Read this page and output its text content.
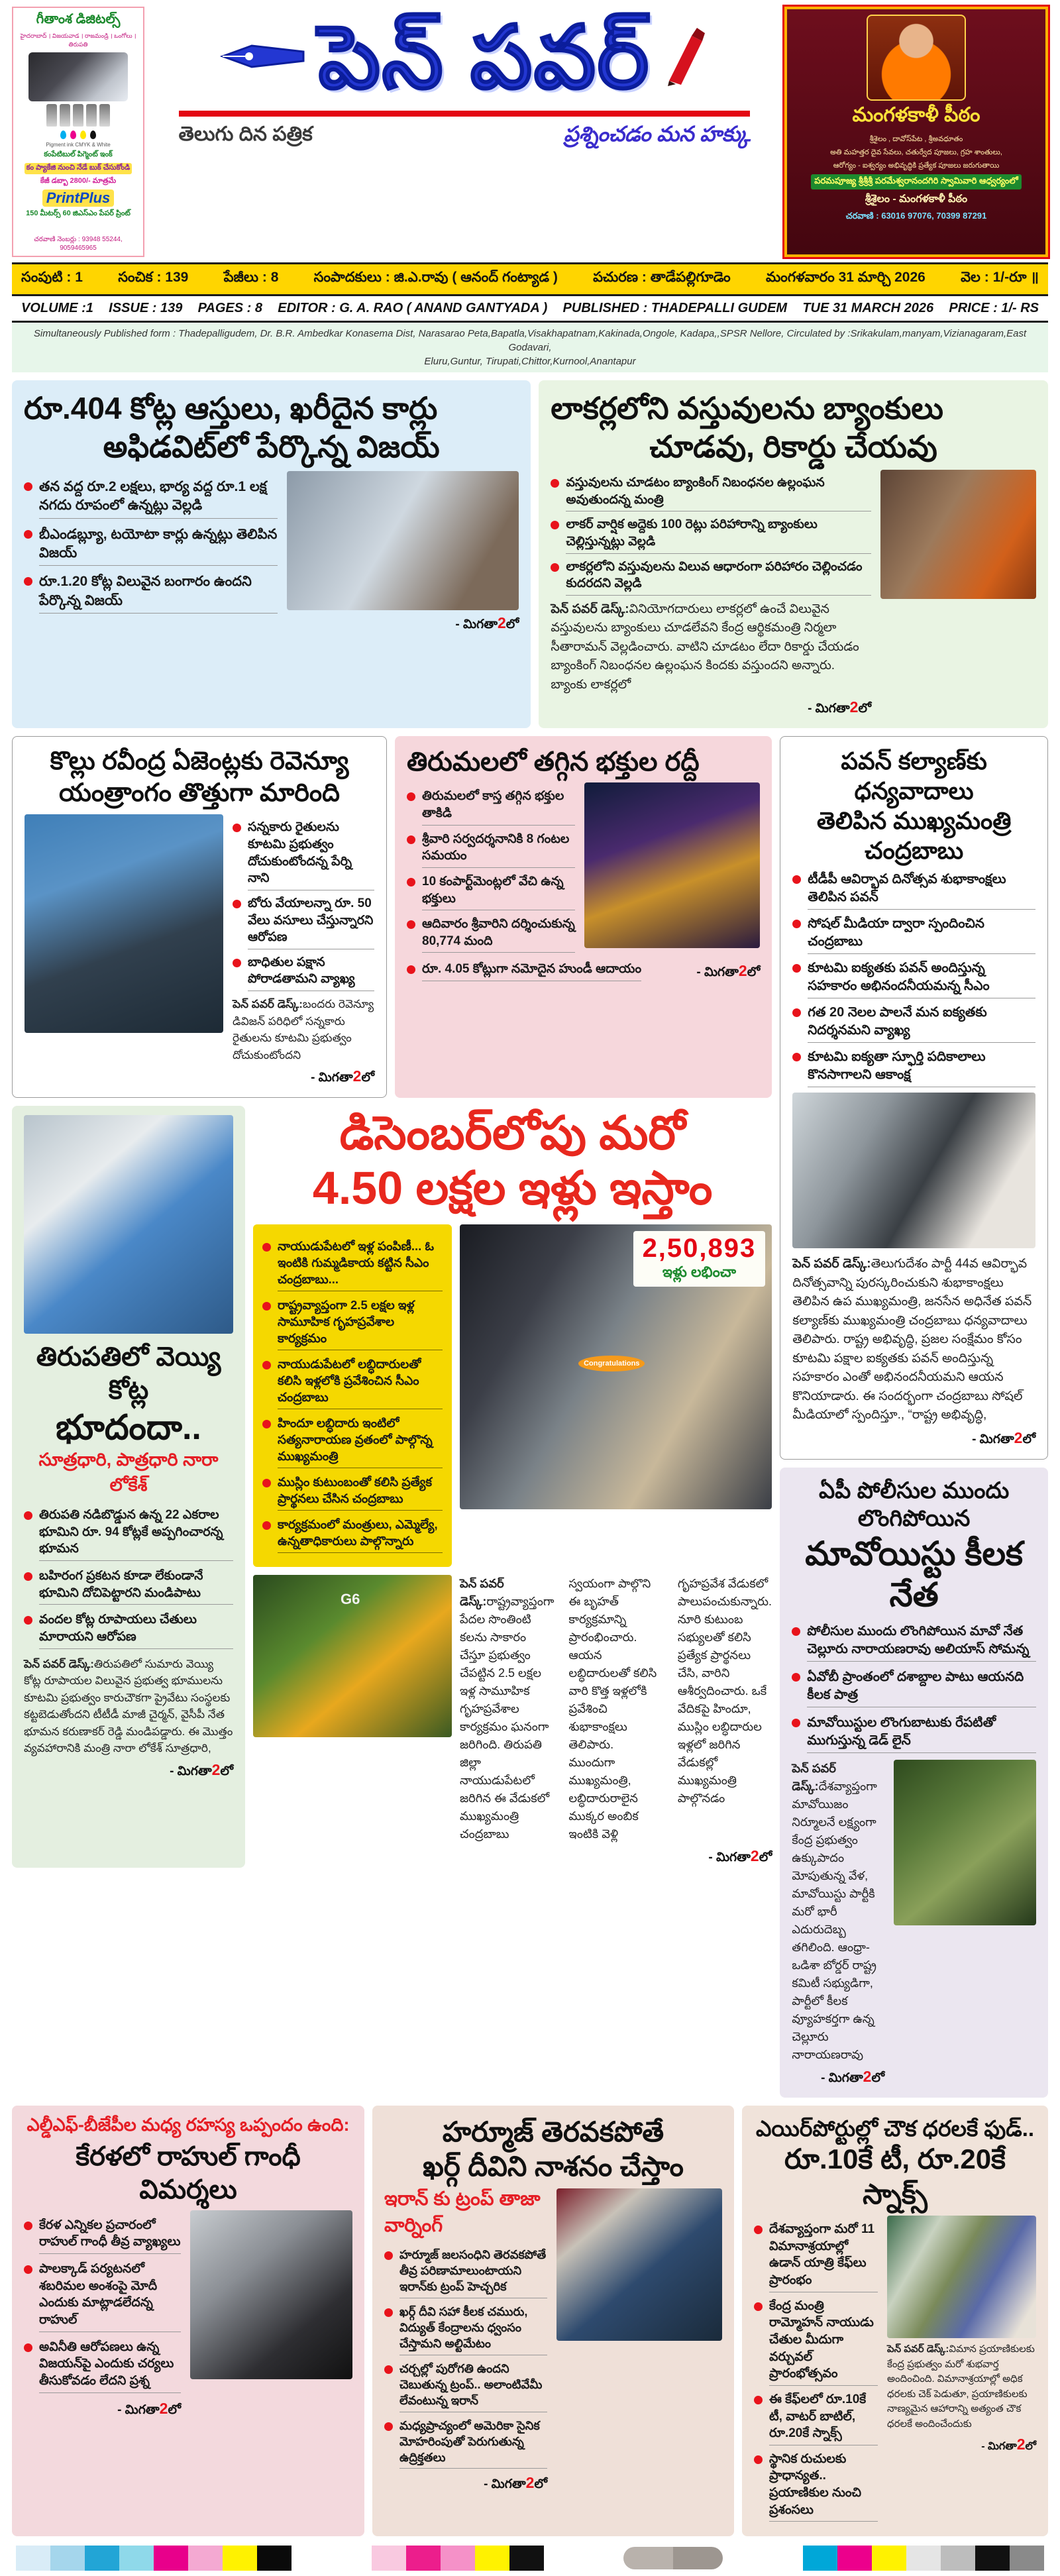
గీతాంశ డిజిటల్స్
హైదరాబాద్ । విజయవాడ । రాజమండ్రి । ఒంగోలు । తిరుపతి
Pigment ink CMYK & White
కంపేటిబుల్ పిగ్మెంట్ ఇంక్
కం ప్యాకేజి నుంచి నేడే బుక్ చేసుకోండి
కేజీ డబ్బా 2800/- మాత్రమే
PrintPlus
150 మీటర్స్ 60 జిఎస్ఎం పేపర్ ప్రింట్
చరవాణి నెంబర్లు : 93948 55244, 9059465965
పెన్ పవర్
తెలుగు దిన పత్రిక	ప్రశ్నించడం మన హక్కు
మంగళకాళీ పీఠం
శ్రీశైలం , దావోస్‌పేట , శ్రీఅవధూతం
అతి మహత్తర దైవ సేవలు, చతుర్వేద పూజలు, గ్రహ శాంతులు,
ఆరోగ్యం - ఐశ్వర్యం అభివృద్ధికి ప్రత్యేక పూజలు జరుగుతాయి
పరమపూజ్య శ్రీశ్రీశ్రీ పరమేశ్వరానందగిరి స్వామివారి ఆధ్వర్యంలో
శ్రీశైలం - మంగళకాళీ పీఠం
చరవాణి : 63016 97076, 70399 87291
సంపుటి : 1	సంచిక : 139	పేజీలు : 8	సంపాదకులు : జి.ఎ.రావు ( ఆనంద్ గంట్యాడ )	పచురణ : తాడేపల్లిగూడెం	మంగళవారం 31 మార్చి 2026	వెల : 1/-రూ ॥
VOLUME :1 ISSUE : 139 PAGES : 8 EDITOR : G. A. RAO ( ANAND GANTYADA ) PUBLISHED : THADEPALLI GUDEM TUE 31 MARCH 2026 PRICE : 1/- RS
Simultaneously Published form : Thadepalligudem, Dr. B.R. Ambedkar Konasema Dist, Narasarao Peta,Bapatla,Visakhapatnam,Kakinada,Ongole, Kadapa,,SPSR Nellore, Circulated by :Srikakulam,manyam,Vizianagaram,East Godavari,
Eluru,Guntur, Tirupati,Chittor,Kurnool,Anantapur
రూ.404 కోట్ల ఆస్తులు, ఖరీదైన కార్లు
అఫిడవిట్‌లో పేర్కొన్న విజయ్
తన వద్ద రూ.2 లక్షలు, భార్య వద్ద రూ.1 లక్ష నగదు రూపంలో ఉన్నట్లు వెల్లడి
బీఎండబ్ల్యూ, టయోటా కార్లు ఉన్నట్లు తెలిపిన విజయ్
రూ.1.20 కోట్ల విలువైన బంగారం ఉందని పేర్కొన్న విజయ్
- మిగతా2లో
లాకర్లలోని వస్తువులను బ్యాంకులు
చూడవు, రికార్డు చేయవు
వస్తువులను చూడటం బ్యాంకింగ్ నిబంధనల ఉల్లంఘన అవుతుందన్న మంత్రి
లాకర్ వార్షిక అద్దెకు 100 రెట్లు పరిహారాన్ని బ్యాంకులు చెల్లిస్తున్నట్లు వెల్లడి
లాకర్లలోని వస్తువులను విలువ ఆధారంగా పరిహారం చెల్లించడం కుదరదని వెల్లడి
పెన్ పవర్ డెస్క్:వినియోగదారులు లాకర్లలో ఉంచే విలువైన వస్తువులను బ్యాంకులు చూడలేవని కేంద్ర ఆర్థికమంత్రి నిర్మలా సీతారామన్ వెల్లడించారు. వాటిని చూడటం లేదా రికార్డు చేయడం బ్యాంకింగ్ నిబంధనల ఉల్లంఘన కిందకు వస్తుందని అన్నారు. బ్యాంకు లాకర్లలో
- మిగతా2లో
కొల్లు రవీంద్ర ఏజెంట్లకు రెవెన్యూ
యంత్రాంగం తొత్తుగా మారింది
సన్నకారు రైతులను కూటమి ప్రభుత్వం దోచుకుంటోందన్న పేర్ని నాని
బోరు వేయాలన్నా రూ. 50 వేలు వసూలు చేస్తున్నారని ఆరోపణ
బాధితుల పక్షాన పోరాడతామని వ్యాఖ్య
పెన్ పవర్ డెస్క్:బందరు రెవెన్యూ డివిజన్ పరిధిలో సన్నకారు రైతులను కూటమి ప్రభుత్వం దోచుకుంటోందని
- మిగతా2లో
తిరుమలలో తగ్గిన భక్తుల రద్దీ
తిరుమలలో కాస్త తగ్గిన భక్తుల తాకిడి
శ్రీవారి సర్వదర్శనానికి 8 గంటల సమయం
10 కంపార్ట్‌మెంట్లలో వేచి ఉన్న భక్తులు
ఆదివారం శ్రీవారిని దర్శించుకున్న 80,774 మంది
రూ. 4.05 కోట్లుగా నమోదైన హుండీ ఆదాయం	- మిగతా2లో
తిరుపతిలో వెయ్యి కోట్ల
భూదందా..
సూత్రధారి, పాత్రధారి నారా లోకేశ్
తిరుపతి నడిబొడ్డున ఉన్న 22 ఎకరాల భూమిని రూ. 94 కోట్లకే అప్పగించారన్న భూమన
బహిరంగ ప్రకటన కూడా లేకుండానే భూమిని దోచిపెట్టారని మండిపాటు
వందల కోట్ల రూపాయలు చేతులు మారాయని ఆరోపణ
పెన్ పవర్ డెస్క్:తిరుపతిలో సుమారు వెయ్యి కోట్ల రూపాయల విలువైన ప్రభుత్వ భూములను కూటమి ప్రభుత్వం కారుచౌకగా ప్రైవేటు సంస్థలకు కట్టబెడుతోందని టీటీడీ మాజీ చైర్మన్, వైసీపీ నేత భూమన కరుణాకర్ రెడ్డి మండిపడ్డారు. ఈ మొత్తం వ్యవహారానికి మంత్రి నారా లోకేశ్ సూత్రధారి,
- మిగతా2లో
డిసెంబర్‌లోపు మరో
4.50 లక్షల ఇళ్లు ఇస్తాం
నాయుడుపేటలో ఇళ్ల పంపిణీ... ఓ ఇంటికి గుమ్మడికాయ కట్టిన సీఎం చంద్రబాబు...
రాష్ట్రవ్యాప్తంగా 2.5 లక్షల ఇళ్ల సామూహిక గృహప్రవేశాల కార్యక్రమం
నాయుడుపేటలో లబ్ధిదారులతో కలిసి ఇళ్లలోకి ప్రవేశించిన సీఎం చంద్రబాబు
హిందూ లబ్ధిదారు ఇంటిలో సత్యనారాయణ వ్రతంలో పాల్గొన్న ముఖ్యమంత్రి
ముస్లిం కుటుంబంతో కలిసి ప్రత్యేక ప్రార్థనలు చేసిన చంద్రబాబు
కార్యక్రమంలో మంత్రులు, ఎమ్మెల్యే, ఉన్నతాధికారులు పాల్గొన్నారు
2,50,893
ఇళ్లు లభించా
Congratulations
G6
పెన్ పవర్ డెస్క్:రాష్ట్రవ్యాప్తంగా పేదల సొంతింటి కలను సాకారం చేస్తూ ప్రభుత్వం చేపట్టిన 2.5 లక్షల ఇళ్ల సామూహిక గృహప్రవేశాల కార్యక్రమం ఘనంగా జరిగింది. తిరుపతి జిల్లా నాయుడుపేటలో జరిగిన ఈ వేడుకలో ముఖ్యమంత్రి చంద్రబాబు స్వయంగా పాల్గొని ఈ బృహత్ కార్యక్రమాన్ని ప్రారంభించారు. ఆయన లబ్ధిదారులతో కలిసి వారి కొత్త ఇళ్లలోకి ప్రవేశించి శుభాకాంక్షలు తెలిపారు. ముందుగా ముఖ్యమంత్రి, లబ్ధిదారురాలైన ముక్కర అంబిక ఇంటికి వెళ్లి గృహప్రవేశ వేడుకలో పాలుపంచుకున్నారు. నూరి కుటుంబ సభ్యులతో కలిసి ప్రత్యేక ప్రార్థనలు చేసి, వారిని ఆశీర్వదించారు. ఒకే వేదికపై హిందూ, ముస్లిం లబ్ధిదారుల ఇళ్లలో జరిగిన వేడుకల్లో ముఖ్యమంత్రి పాల్గొనడం
- మిగతా2లో
పవన్ కల్యాణ్‌కు ధన్యవాదాలు
తెలిపిన ముఖ్యమంత్రి చంద్రబాబు
టీడీపీ ఆవిర్భావ దినోత్సవ శుభాకాంక్షలు తెలిపిన పవన్
సోషల్ మీడియా ద్వారా స్పందించిన చంద్రబాబు
కూటమి ఐక్యతకు పవన్ అందిస్తున్న సహకారం అభినందనీయమన్న సీఎం
గత 20 నెలల పాలనే మన ఐక్యతకు నిదర్శనమని వ్యాఖ్య
కూటమి ఐక్యతా స్ఫూర్తి పదికాలాలు కొనసాగాలని ఆకాంక్ష
పెన్ పవర్ డెస్క్:తెలుగుదేశం పార్టీ 44వ ఆవిర్భావ దినోత్సవాన్ని పురస్కరించుకుని శుభాకాంక్షలు తెలిపిన ఉప ముఖ్యమంత్రి, జనసేన అధినేత పవన్ కల్యాణ్‌కు ముఖ్యమంత్రి చంద్రబాబు ధన్యవాదాలు తెలిపారు. రాష్ట్ర అభివృద్ధి, ప్రజల సంక్షేమం కోసం కూటమి పక్షాల ఐక్యతకు పవన్ అందిస్తున్న సహకారం ఎంతో అభినందనీయమని ఆయన కొనియాడారు. ఈ సందర్భంగా చంద్రబాబు సోషల్ మీడియాలో స్పందిస్తూ., “రాష్ట్ర అభివృద్ధి,
- మిగతా2లో
ఏపీ పోలీసుల ముందు లొంగిపోయిన
మావోయిస్టు కీలక నేత
పోలీసుల ముందు లొంగిపోయిన మావో నేత చెల్లూరు నారాయణరావు అలియాస్ సోమన్న
ఏవోబీ ప్రాంతంలో దశాబ్దాల పాటు ఆయనది కీలక పాత్ర
మావోయిస్టుల లొంగుబాటుకు రేపటితో ముగుస్తున్న డెడ్ లైన్
పెన్ పవర్ డెస్క్:దేశవ్యాప్తంగా మావోయిజం నిర్మూలనే లక్ష్యంగా కేంద్ర ప్రభుత్వం ఉక్కుపాదం మోపుతున్న వేళ, మావోయిస్టు పార్టీకి మరో భారీ ఎదురుదెబ్బ తగిలింది. ఆంధ్రా-ఒడిశా బోర్డర్ రాష్ట్ర కమిటీ సభ్యుడిగా, పార్టీలో కీలక వ్యూహకర్తగా ఉన్న చెల్లూరు నారాయణరావు
- మిగతా2లో
ఎల్డీఎఫ్-బీజేపీల మధ్య రహస్య ఒప్పందం ఉంది:
కేరళలో రాహుల్ గాంధీ విమర్శలు
కేరళ ఎన్నికల ప్రచారంలో రాహుల్ గాంధీ తీవ్ర వ్యాఖ్యలు
పాలక్కాడ్ పర్యటనలో శబరిమల అంశంపై మోదీ ఎందుకు మాట్లాడలేదన్న రాహుల్
అవినీతి ఆరోపణలు ఉన్న విజయన్‌పై ఎందుకు చర్యలు తీసుకోవడం లేదని ప్రశ్న
- మిగతా2లో
హర్మూజ్ తెరవకపోతే
ఖర్గ్ దీవిని నాశనం చేస్తాం
ఇరాన్ కు ట్రంప్ తాజా వార్నింగ్
హర్మూజ్ జలసంధిని తెరవకపోతే తీవ్ర పరిణామాలుంటాయని ఇరాన్‌కు ట్రంప్ హెచ్చరిక
ఖర్గ్ దీవి సహా కీలక చమురు, విద్యుత్ కేంద్రాలను ధ్వంసం చేస్తామని అల్టిమేటం
చర్చల్లో పురోగతి ఉందని చెబుతున్న ట్రంప్.. అలాంటివేమీ లేవంటున్న ఇరాన్
మధ్యప్రాచ్యంలో అమెరికా సైనిక మోహరింపుతో పెరుగుతున్న ఉద్రిక్తతలు
- మిగతా2లో
ఎయిర్‌పోర్టుల్లో చౌక ధరలకే ఫుడ్..
రూ.10కే టీ, రూ.20కే స్నాక్స్
దేశవ్యాప్తంగా మరో 11 విమానాశ్రయాల్లో ఉడాన్ యాత్రి కేఫ్‌లు ప్రారంభం
కేంద్ర మంత్రి రామ్మోహన్ నాయుడు చేతుల మీదుగా వర్చువల్ ప్రారంభోత్సవం
ఈ కేఫ్‌లలో రూ.10కే టీ, వాటర్ బాటిల్, రూ.20కే స్నాక్స్
స్థానిక రుచులకు ప్రాధాన్యత.. ప్రయాణికుల నుంచి ప్రశంసలు
పెన్ పవర్ డెస్క్:విమాన ప్రయాణికులకు కేంద్ర ప్రభుత్వం మరో శుభవార్త అందించింది. విమానాశ్రయాల్లో అధిక ధరలకు చెక్ పెడుతూ, ప్రయాణికులకు నాణ్యమైన ఆహారాన్ని అత్యంత చౌక ధరలకే అందించేందుకు
- మిగతా2లో
